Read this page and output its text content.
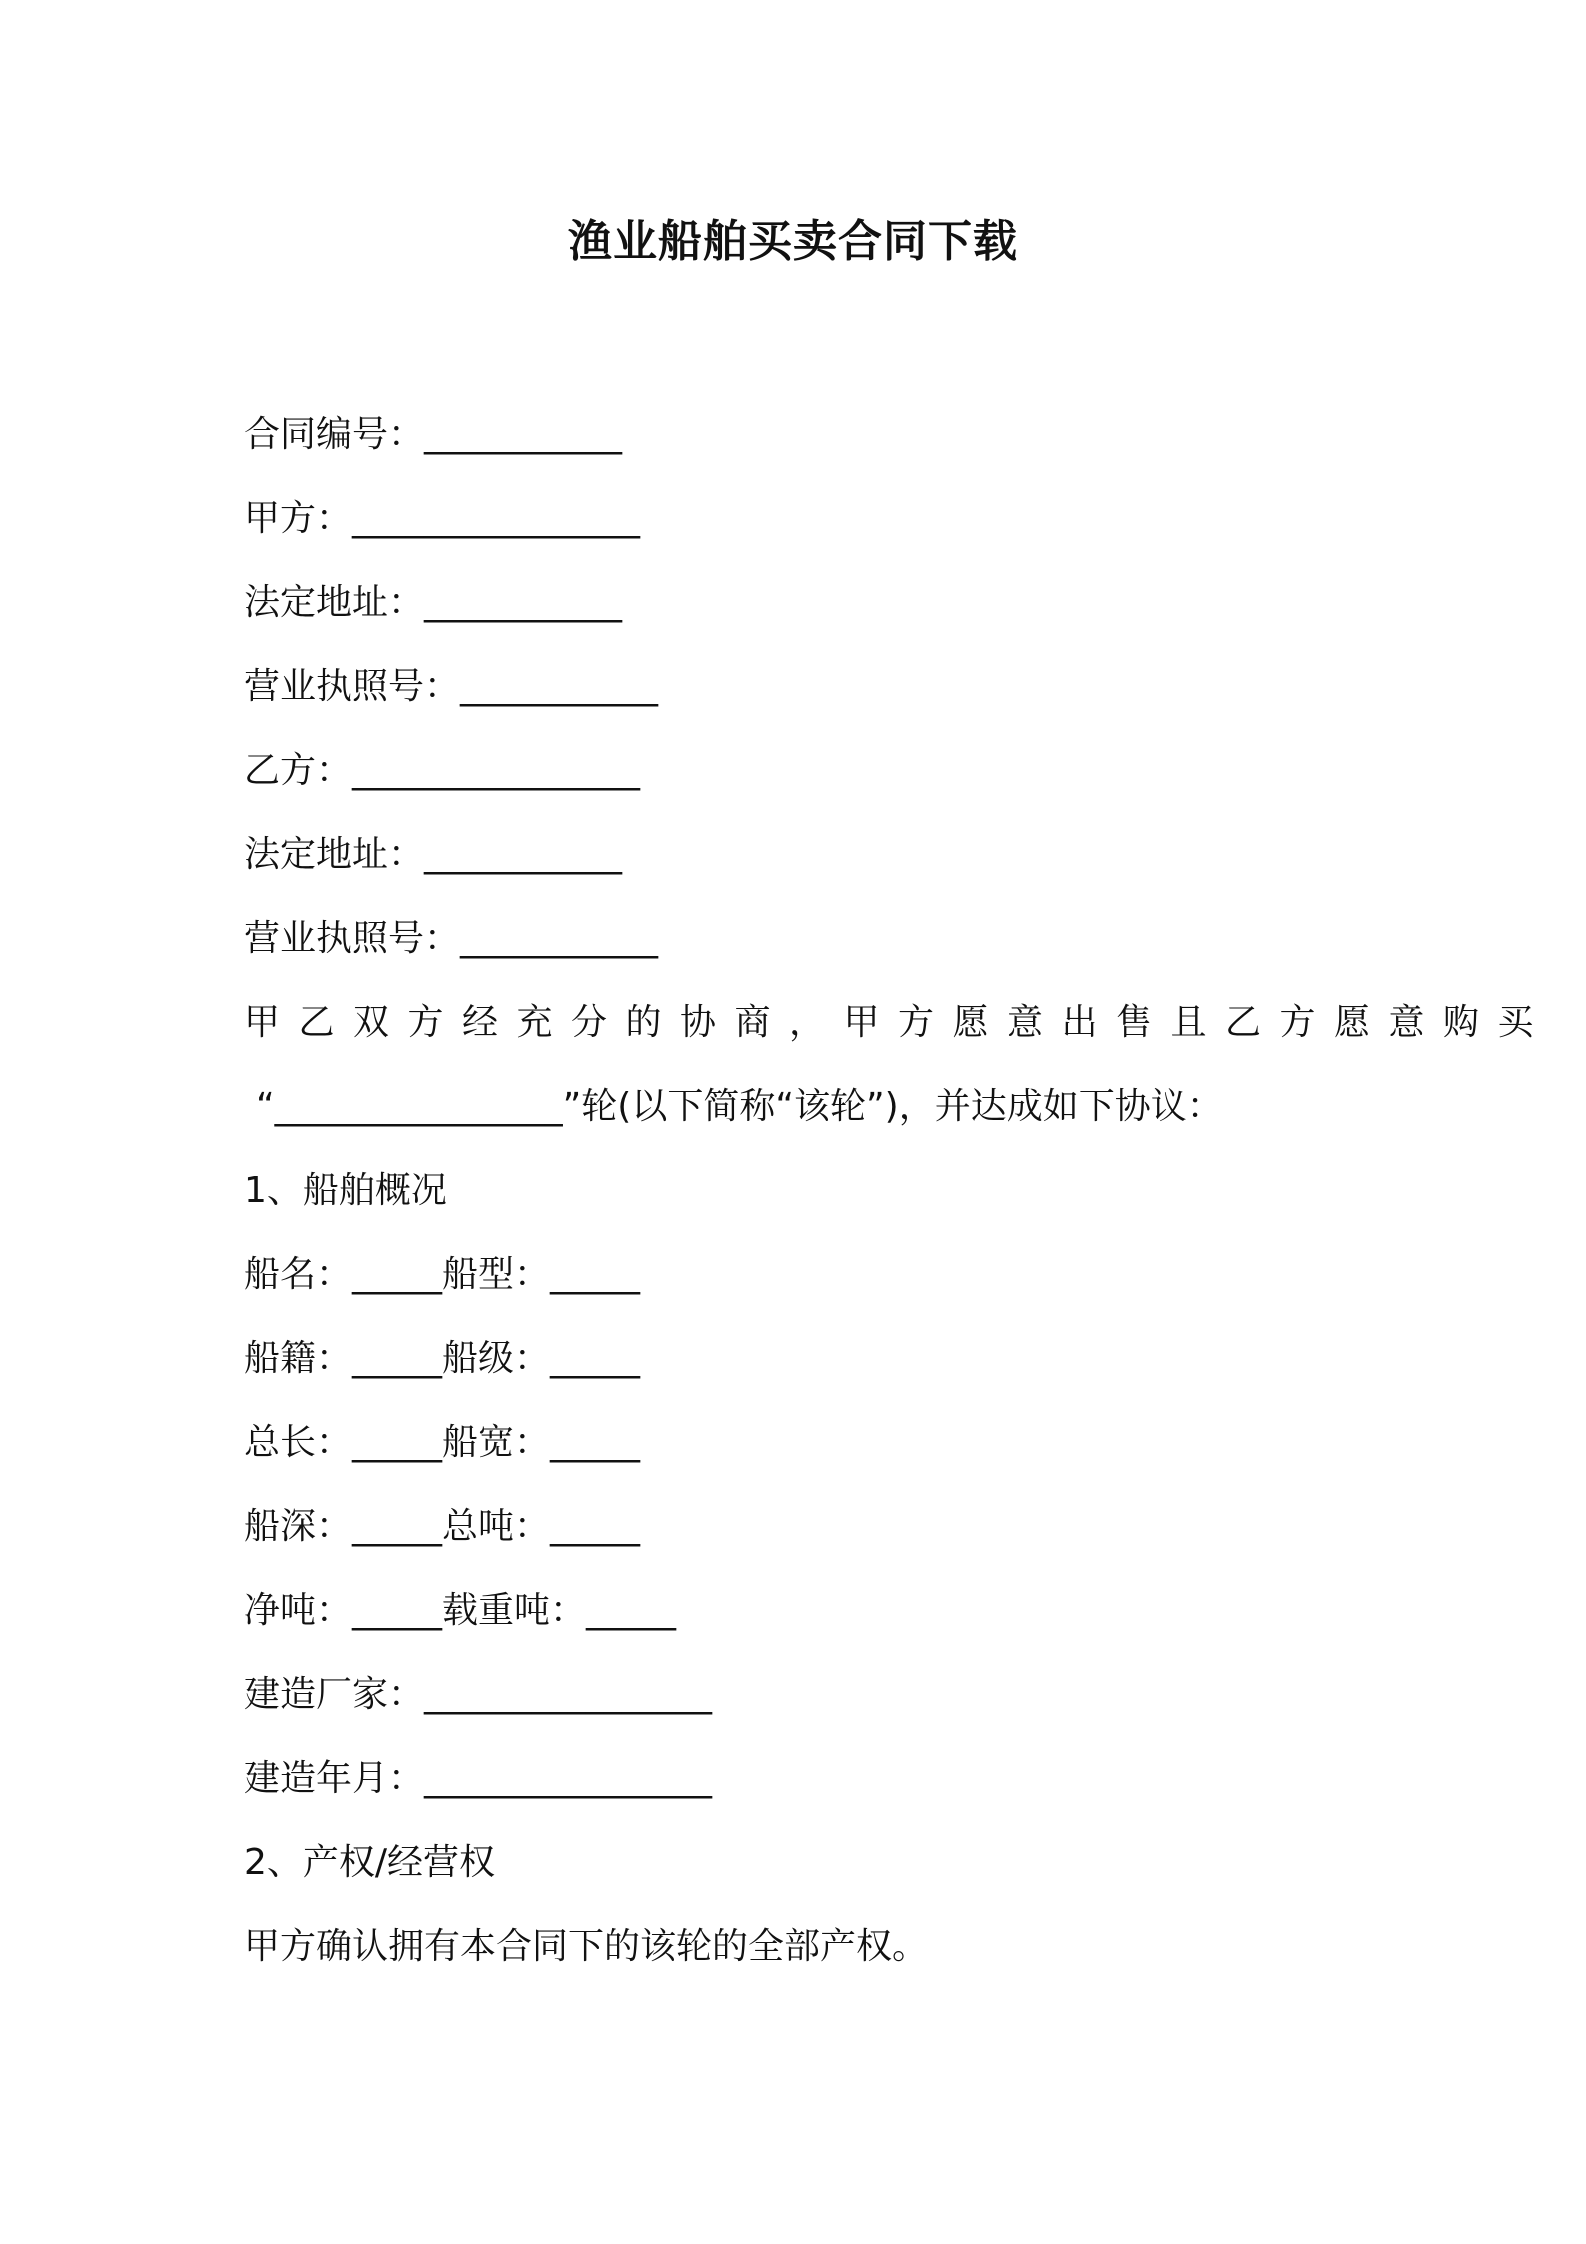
渔业船舶买卖合同下载
合同编号：___________
甲方：________________
法定地址：___________
营业执照号：___________
乙方：________________
法定地址：___________
营业执照号：___________
甲乙双方经充分的协商，甲方愿意出售且乙方愿意购买
“________________”轮(以下简称“该轮”)，并达成如下协议：
1、船舶概况
船名：_____船型：_____
船籍：_____船级：_____
总长：_____船宽：_____
船深：_____总吨：_____
净吨：_____载重吨：_____
建造厂家：________________
建造年月：________________
2、产权/经营权
甲方确认拥有本合同下的该轮的全部产权。
